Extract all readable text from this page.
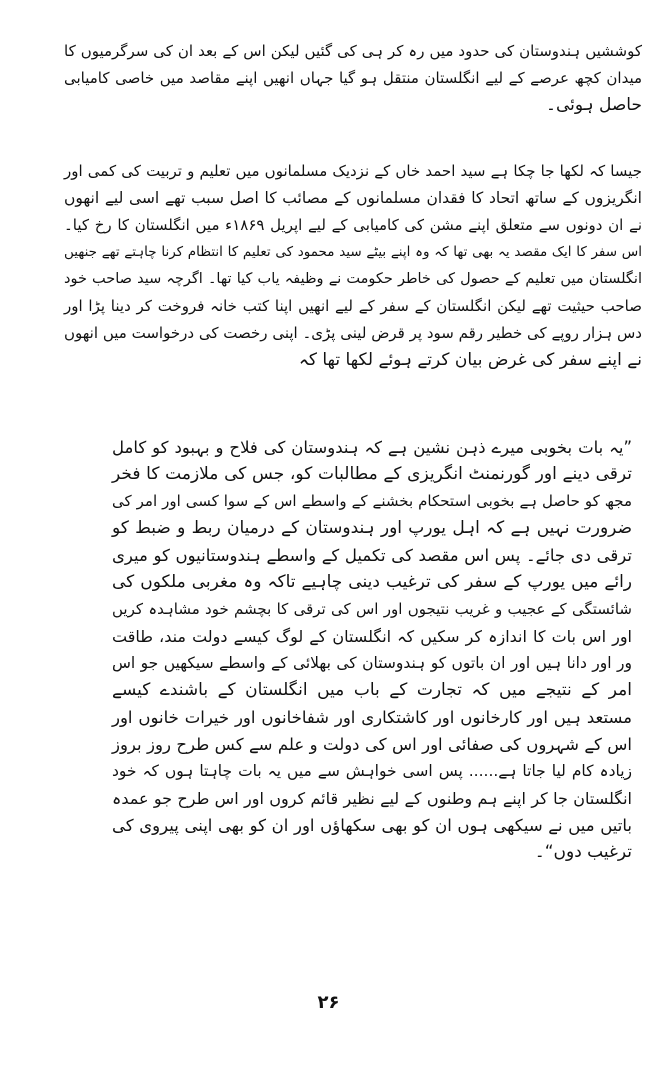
کوششیں ہندوستان کی حدود میں رہ کر ہی کی گئیں لیکن اس کے بعد ان کی سرگرمیوں کا
میدان کچھ عرصے کے لیے انگلستان منتقل ہو گیا جہاں انھیں اپنے مقاصد میں خاصی کامیابی
حاصل ہوئی۔
جیسا کہ لکھا جا چکا ہے سید احمد خاں کے نزدیک مسلمانوں میں تعلیم و تربیت کی کمی اور
انگریزوں کے ساتھ اتحاد کا فقدان مسلمانوں کے مصائب کا اصل سبب تھے اسی لیے انھوں
نے ان دونوں سے متعلق اپنے مشن کی کامیابی کے لیے اپریل ۱۸۶۹ء میں انگلستان کا رخ کیا۔
اس سفر کا ایک مقصد یہ بھی تھا کہ وہ اپنے بیٹے سید محمود کی تعلیم کا انتظام کرنا چاہتے تھے جنھیں
انگلستان میں تعلیم کے حصول کی خاطر حکومت نے وظیفہ یاب کیا تھا۔ اگرچہ سید صاحب خود
صاحب حیثیت تھے لیکن انگلستان کے سفر کے لیے انھیں اپنا کتب خانہ فروخت کر دینا پڑا اور
دس ہزار روپے کی خطیر رقم سود پر قرض لینی پڑی۔ اپنی رخصت کی درخواست میں انھوں
نے اپنے سفر کی غرض بیان کرتے ہوئے لکھا تھا کہ
”یہ بات بخوبی میرے ذہن نشین ہے کہ ہندوستان کی فلاح و بہبود کو کامل
ترقی دینے اور گورنمنٹ انگریزی کے مطالبات کو، جس کی ملازمت کا فخر
مجھ کو حاصل ہے بخوبی استحکام بخشنے کے واسطے اس کے سوا کسی اور امر کی
ضرورت نہیں ہے کہ اہل یورپ اور ہندوستان کے درمیان ربط و ضبط کو
ترقی دی جائے۔ پس اس مقصد کی تکمیل کے واسطے ہندوستانیوں کو میری
رائے میں یورپ کے سفر کی ترغیب دینی چاہیے تاکہ وہ مغربی ملکوں کی
شائستگی کے عجیب و غریب نتیجوں اور اس کی ترقی کا بچشم خود مشاہدہ کریں
اور اس بات کا اندازہ کر سکیں کہ انگلستان کے لوگ کیسے دولت مند، طاقت
ور اور دانا ہیں اور ان باتوں کو ہندوستان کی بھلائی کے واسطے سیکھیں جو اس
امر کے نتیجے میں کہ تجارت کے باب میں انگلستان کے باشندے کیسے
مستعد ہیں اور کارخانوں اور کاشتکاری اور شفاخانوں اور خیرات خانوں اور
اس کے شہروں کی صفائی اور اس کی دولت و علم سے کس طرح روز بروز
زیادہ کام لیا جاتا ہے...... پس اسی خواہش سے میں یہ بات چاہتا ہوں کہ خود
انگلستان جا کر اپنے ہم وطنوں کے لیے نظیر قائم کروں اور اس طرح جو عمدہ
باتیں میں نے سیکھی ہوں ان کو بھی سکھاؤں اور ان کو بھی اپنی پیروی کی
ترغیب دوں“۔
۲۶
